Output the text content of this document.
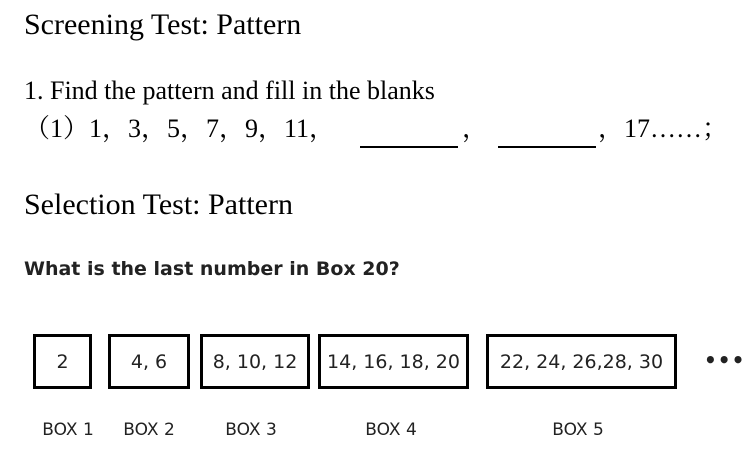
Screening Test: Pattern
1. Find the pattern and fill in the blanks
（1）1，3，5，7，9，11，	，	，17……；
Selection Test: Pattern
What is the last number in Box 20?
2	4, 6	8, 10, 12	14, 16, 18, 20	22, 24, 26,28, 30	•••
BOX 1	BOX 2	BOX 3	BOX 4	BOX 5
